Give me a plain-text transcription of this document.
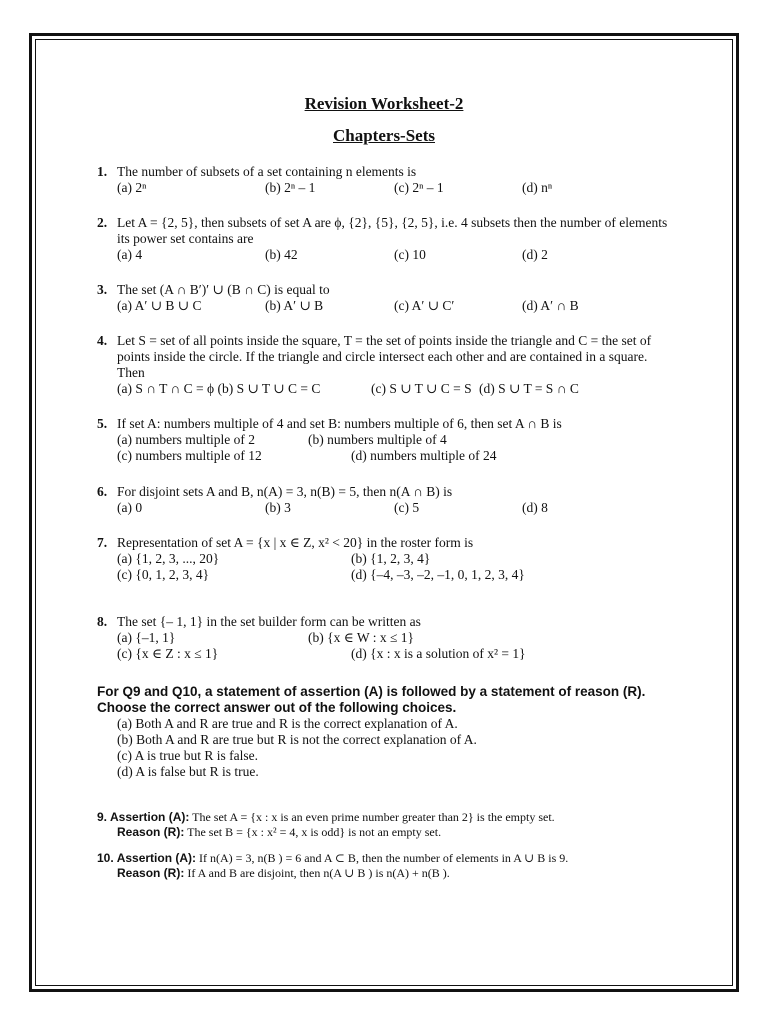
Revision Worksheet-2
Chapters-Sets
1. The number of subsets of a set containing n elements is
(a) 2ⁿ	(b) 2ⁿ – 1	(c) 2ⁿ – 1	(d) nⁿ
2. Let A = {2, 5}, then subsets of set A are ϕ, {2}, {5}, {2, 5}, i.e. 4 subsets then the number of elements its power set contains are
(a) 4	(b) 42	(c) 10	(d) 2
3. The set (A ∩ B′)′ ∪ (B ∩ C) is equal to
(a) A′ ∪ B ∪ C	(b) A′ ∪ B	(c) A′ ∪ C′	(d) A′ ∩ B
4. Let S = set of all points inside the square, T = the set of points inside the triangle and C = the set of points inside the circle. If the triangle and circle intersect each other and are contained in a square. Then
(a) S ∩ T ∩ C = ϕ (b) S ∪ T ∪ C = C	(c) S ∪ T ∪ C = S (d) S ∪ T = S ∩ C
5. If set A: numbers multiple of 4 and set B: numbers multiple of 6, then set A ∩ B is
(a) numbers multiple of 2	(b) numbers multiple of 4
(c) numbers multiple of 12	(d) numbers multiple of 24
6. For disjoint sets A and B, n(A) = 3, n(B) = 5, then n(A ∩ B) is
(a) 0	(b) 3	(c) 5	(d) 8
7. Representation of set A = {x | x ∈ Z, x² < 20} in the roster form is
(a) {1, 2, 3, ..., 20}	(b) {1, 2, 3, 4}
(c) {0, 1, 2, 3, 4}	(d) {–4, –3, –2, –1, 0, 1, 2, 3, 4}
8. The set {– 1, 1} in the set builder form can be written as
(a) {–1, 1}	(b) {x ∈ W : x ≤ 1}
(c) {x ∈ Z : x ≤ 1}	(d) {x : x is a solution of x² = 1}
For Q9 and Q10, a statement of assertion (A) is followed by a statement of reason (R). Choose the correct answer out of the following choices.
(a) Both A and R are true and R is the correct explanation of A.
(b) Both A and R are true but R is not the correct explanation of A.
(c) A is true but R is false.
(d) A is false but R is true.
9. Assertion (A): The set A = {x : x is an even prime number greater than 2} is the empty set.
Reason (R): The set B = {x : x² = 4, x is odd} is not an empty set.
10. Assertion (A): If n(A) = 3, n(B ) = 6 and A ⊂ B, then the number of elements in A ∪ B is 9.
Reason (R): If A and B are disjoint, then n(A ∪ B ) is n(A) + n(B ).
